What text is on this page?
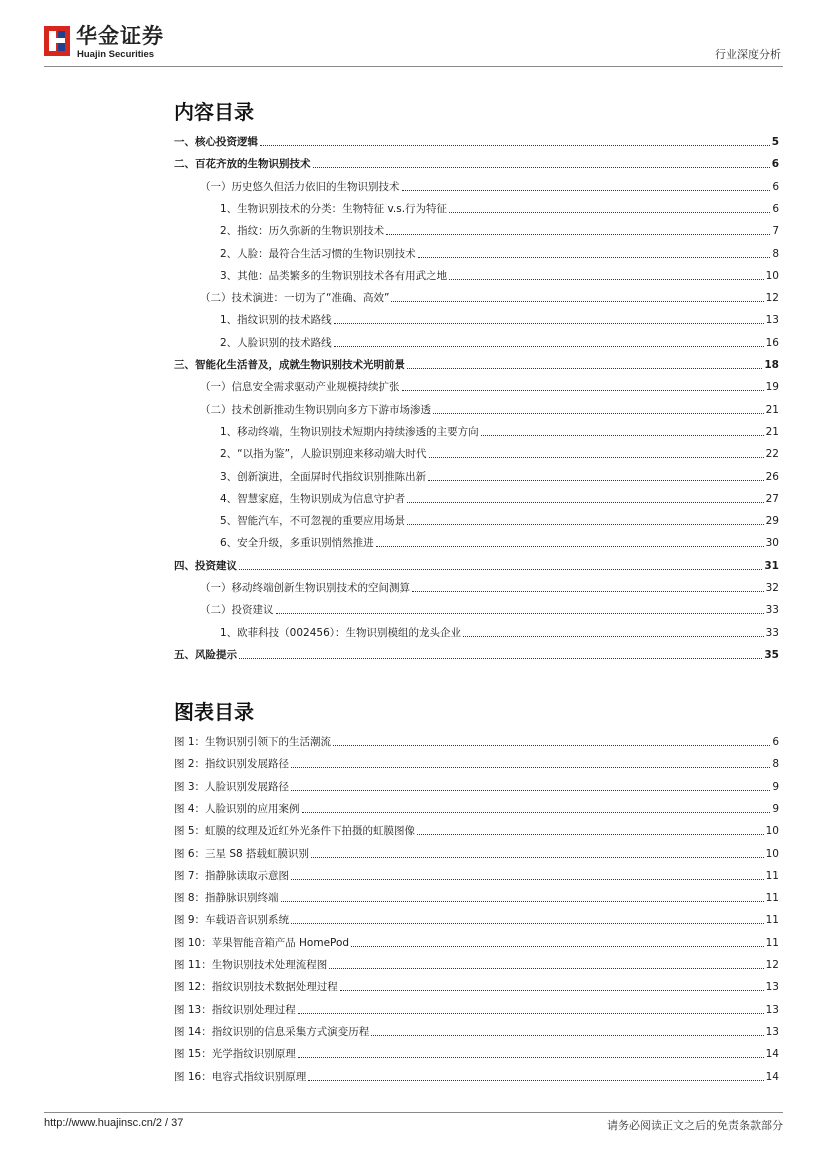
华金证券
Huajin Securities	行业深度分析
内容目录
一、核心投资逻辑	5
二、百花齐放的生物识别技术	6
（一）历史悠久但活力依旧的生物识别技术	6
1、生物识别技术的分类：生物特征 v.s.行为特征	6
2、指纹：历久弥新的生物识别技术	7
2、人脸：最符合生活习惯的生物识别技术	8
3、其他：品类繁多的生物识别技术各有用武之地	10
（二）技术演进：一切为了“准确、高效”	12
1、指纹识别的技术路线	13
2、人脸识别的技术路线	16
三、智能化生活普及，成就生物识别技术光明前景	18
（一）信息安全需求驱动产业规模持续扩张	19
（二）技术创新推动生物识别向多方下游市场渗透	21
1、移动终端，生物识别技术短期内持续渗透的主要方向	21
2、“以指为鉴”，人脸识别迎来移动端大时代	22
3、创新演进，全面屏时代指纹识别推陈出新	26
4、智慧家庭，生物识别成为信息守护者	27
5、智能汽车，不可忽视的重要应用场景	29
6、安全升级，多重识别悄然推进	30
四、投资建议	31
（一）移动终端创新生物识别技术的空间测算	32
（二）投资建议	33
1、欧菲科技（002456）：生物识别模组的龙头企业	33
五、风险提示	35
图表目录
图 1：生物识别引领下的生活潮流	6
图 2：指纹识别发展路径	8
图 3：人脸识别发展路径	9
图 4：人脸识别的应用案例	9
图 5：虹膜的纹理及近红外光条件下拍摄的虹膜图像	10
图 6：三星 S8 搭载虹膜识别	10
图 7：指静脉读取示意图	11
图 8：指静脉识别终端	11
图 9：车载语音识别系统	11
图 10：苹果智能音箱产品 HomePod	11
图 11：生物识别技术处理流程图	12
图 12：指纹识别技术数据处理过程	13
图 13：指纹识别处理过程	13
图 14：指纹识别的信息采集方式演变历程	13
图 15：光学指纹识别原理	14
图 16：电容式指纹识别原理	14
http://www.huajinsc.cn/2 / 37	请务必阅读正文之后的免责条款部分
